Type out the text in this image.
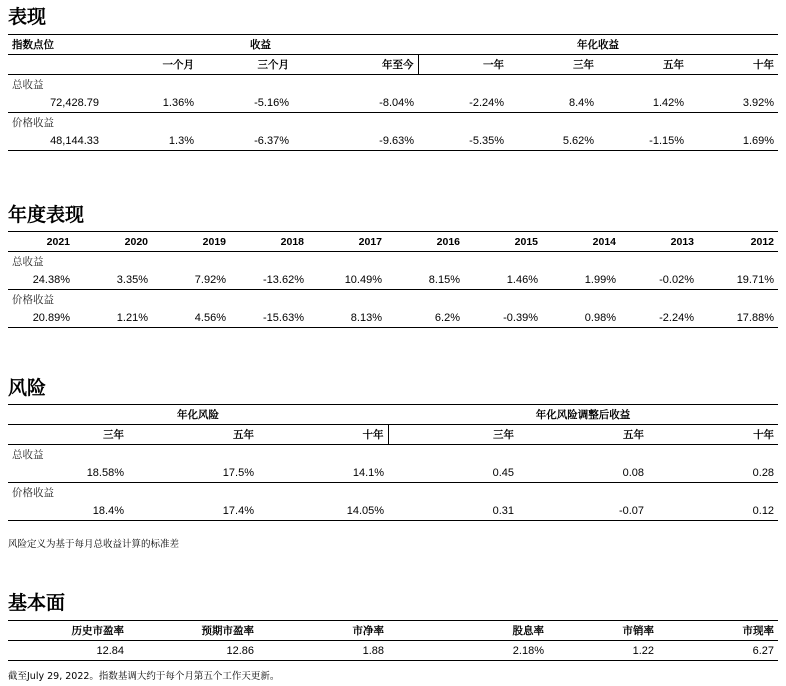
表现
指数点位	收益			年化收益			
	一个月	三个月	年至今	一年	三年	五年	十年
总收益							
72,428.79	1.36%	-5.16%	-8.04%	-2.24%	8.4%	1.42%	3.92%
价格收益							
48,144.33	1.3%	-6.37%	-9.63%	-5.35%	5.62%	-1.15%	1.69%
年度表现
2021	2020	2019	2018	2017	2016	2015	2014	2013	2012
总收益									
24.38%	3.35%	7.92%	-13.62%	10.49%	8.15%	1.46%	1.99%	-0.02%	19.71%
价格收益									
20.89%	1.21%	4.56%	-15.63%	8.13%	6.2%	-0.39%	0.98%	-2.24%	17.88%
风险
年化风险			年化风险调整后收益		
三年	五年	十年	三年	五年	十年
总收益					
18.58%	17.5%	14.1%	0.45	0.08	0.28
价格收益					
18.4%	17.4%	14.05%	0.31	-0.07	0.12
风险定义为基于每月总收益计算的标准差
基本面
历史市盈率	预期市盈率	市净率	股息率	市销率	市现率
12.84	12.86	1.88	2.18%	1.22	6.27
截至July 29, 2022。指数基调大约于每个月第五个工作天更新。
